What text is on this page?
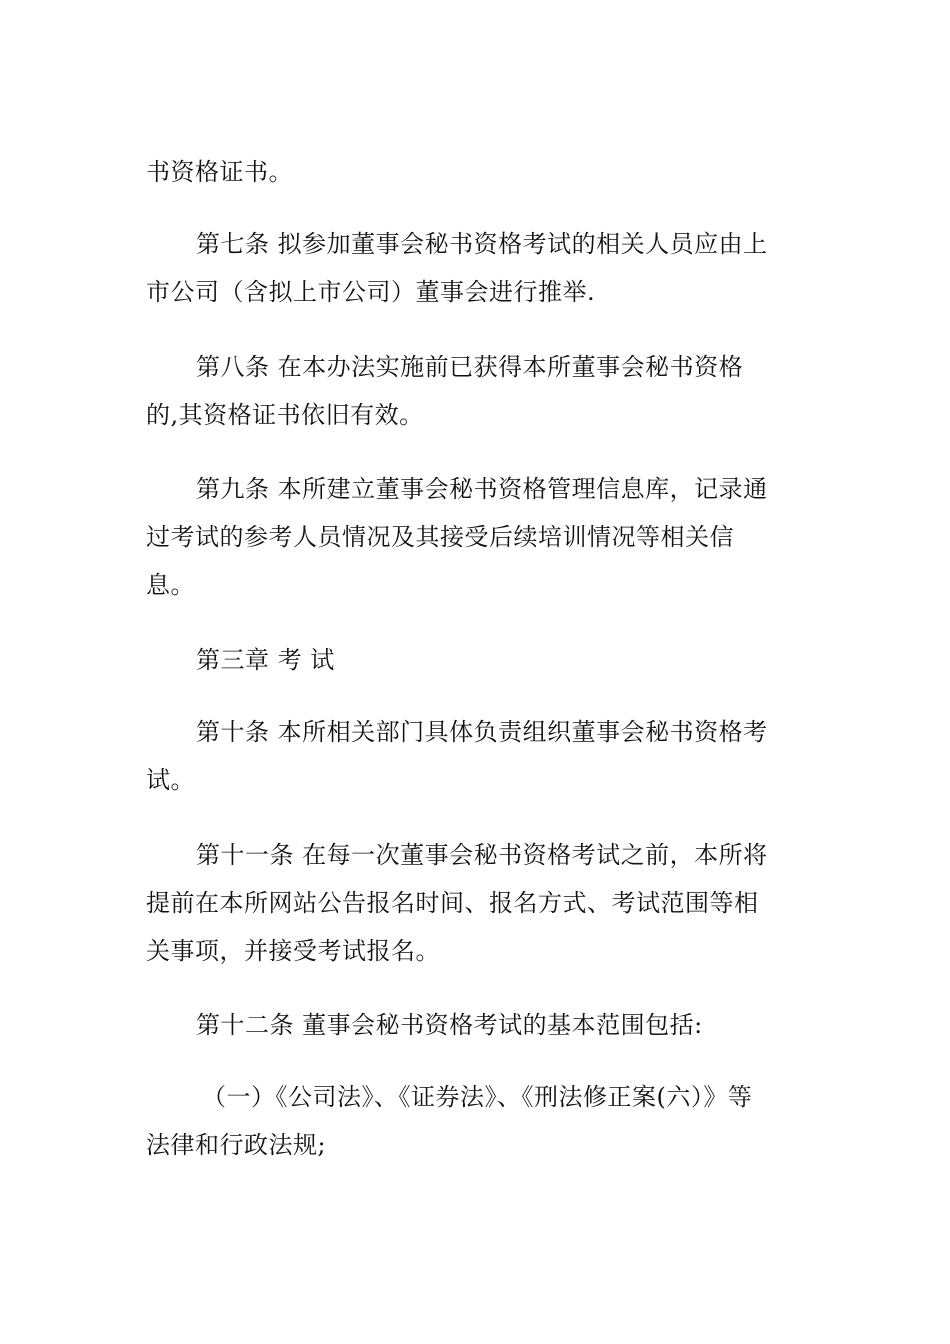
书资格证书。

第七条 拟参加董事会秘书资格考试的相关人员应由上市公司（含拟上市公司）董事会进行推举.

第八条 在本办法实施前已获得本所董事会秘书资格的,其资格证书依旧有效。

第九条 本所建立董事会秘书资格管理信息库，记录通过考试的参考人员情况及其接受后续培训情况等相关信息。

第三章 考 试

第十条 本所相关部门具体负责组织董事会秘书资格考试。

第十一条 在每一次董事会秘书资格考试之前，本所将提前在本所网站公告报名时间、报名方式、考试范围等相关事项，并接受考试报名。

第十二条 董事会秘书资格考试的基本范围包括:

（一）《公司法》、《证券法》、《刑法修正案(六）》等法律和行政法规;
